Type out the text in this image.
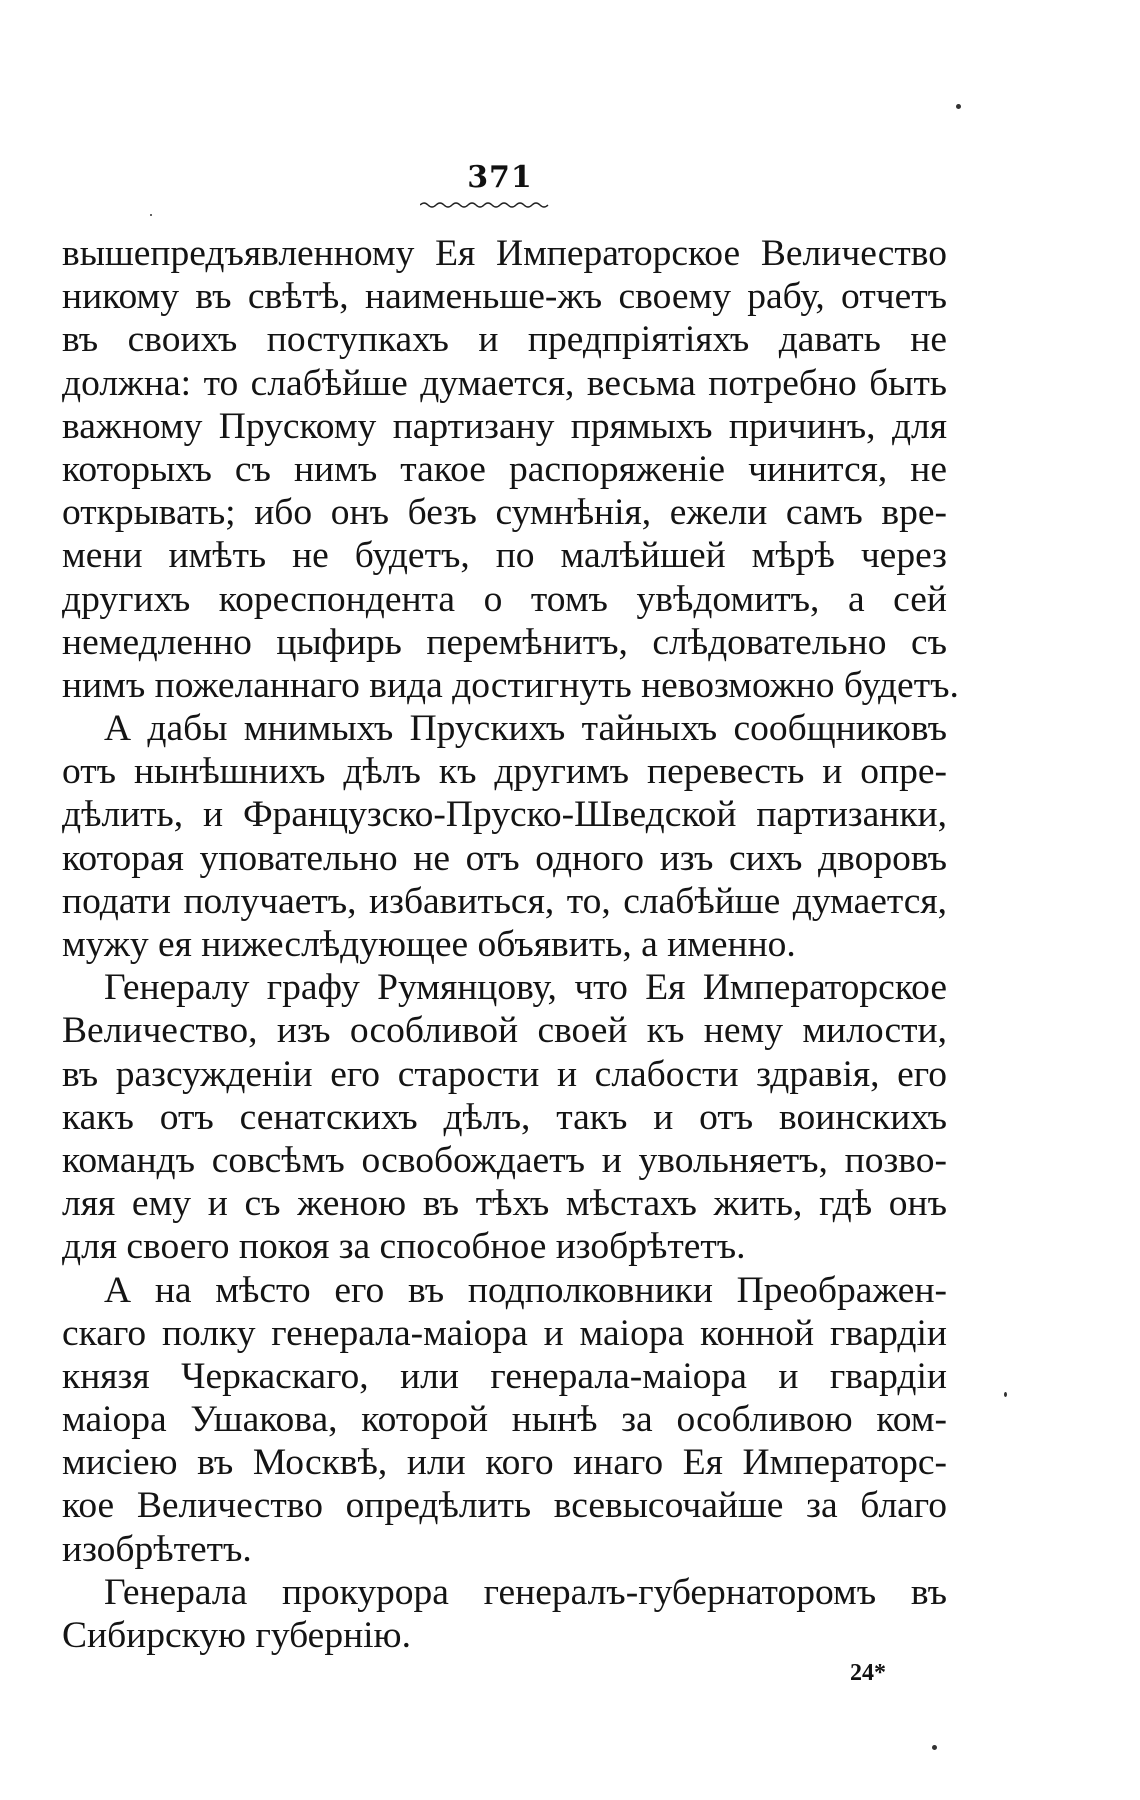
371
вышепредъявленному Ея Императорское Величество
никому въ свѣтѣ, наименьше-жъ своему рабу, отчетъ
въ своихъ поступкахъ и предпріятіяхъ давать не
должна: то слабѣйше думается, весьма потребно быть
важному Прускому партизану прямыхъ причинъ, для
которыхъ съ нимъ такое распоряженіе чинится, не
открывать; ибо онъ безъ сумнѣнія, ежели самъ вре-
мени имѣть не будетъ, по малѣйшей мѣрѣ через
другихъ кореспондента о томъ увѣдомитъ, а сей
немедленно цыфирь перемѣнитъ, слѣдовательно съ
нимъ пожеланнаго вида достигнуть невозможно будетъ.
А дабы мнимыхъ Прускихъ тайныхъ сообщниковъ
отъ нынѣшнихъ дѣлъ къ другимъ перевесть и опре-
дѣлить, и Французско-Пруско-Шведской партизанки,
которая уповательно не отъ одного изъ сихъ дворовъ
подати получаетъ, избавиться, то, слабѣйше думается,
мужу ея нижеслѣдующее объявить, а именно.
Генералу графу Румянцову, что Ея Императорское
Величество, изъ особливой своей къ нему милости,
въ разсужденіи его старости и слабости здравія, его
какъ отъ сенатскихъ дѣлъ, такъ и отъ воинскихъ
командъ совсѣмъ освобождаетъ и увольняетъ, позво-
ляя ему и съ женою въ тѣхъ мѣстахъ жить, гдѣ онъ
для своего покоя за способное изобрѣтетъ.
А на мѣсто его въ подполковники Преображен-
скаго полку генерала-маіора и маіора конной гвардіи
князя Черкаскаго, или генерала-маіора и гвардіи
маіора Ушакова, которой нынѣ за особливою ком-
мисіею въ Москвѣ, или кого инаго Ея Императорс-
кое Величество опредѣлить всевысочайше за благо
изобрѣтетъ.
Генерала прокурора генералъ-губернаторомъ въ
Сибирскую губернію.
24*
